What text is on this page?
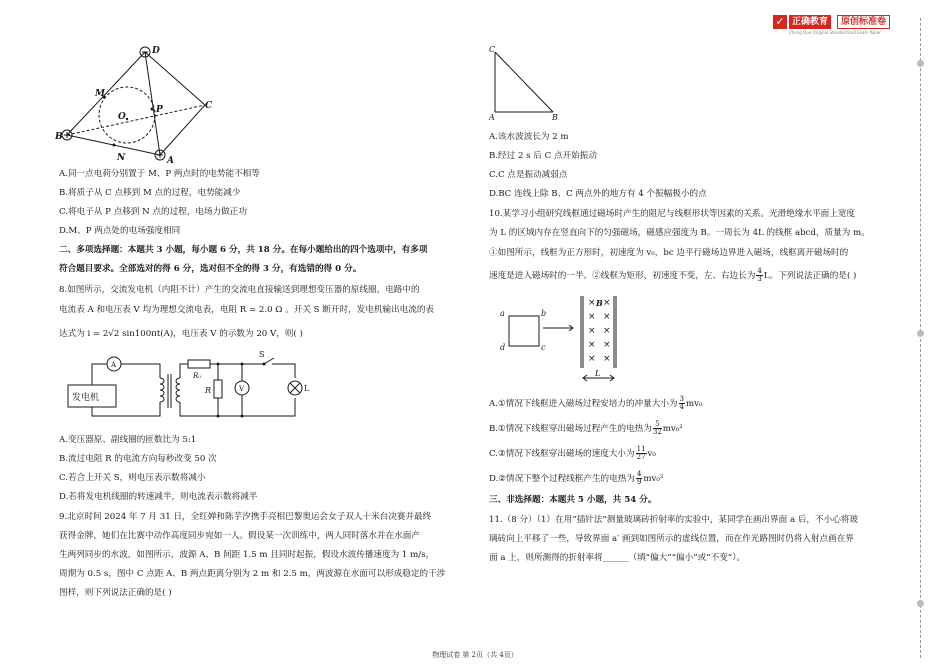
✓ 正确教育	原创标准卷
Zheng Que Original Standardized Exam Paper
D
M
O
P	C
B
N	A
A.同一点电荷分别置于 M、P 两点时的电势能不相等
B.将质子从 C 点移到 M 点的过程，电势能减少
C.将电子从 P 点移到 N 点的过程，电场力做正功
D.M、P 两点处的电场强度相同
二、多项选择题：本题共 3 小题，每小题 6 分，共 18 分。在每小题给出的四个选项中，有多项
符合题目要求。全部选对的得 6 分，选对但不全的得 3 分，有选错的得 0 分。
8.如图所示，交流发电机（内阻不计）产生的交流电直接输送到理想变压器的原线圈，电路中的
电流表 A 和电压表 V 均为理想交流电表，电阻 R = 2.0 Ω 。开关 S 断开时，发电机输出电流的表
达式为 i = 2√2 sin100πt(A)，电压表 V 的示数为 20 V，则( )
发电机
A
R₀
R	V
S
L
A.变压器原、副线圈的匝数比为 5:1
B.流过电阻 R 的电流方向每秒改变 50 次
C.若合上开关 S，则电压表示数将减小
D.若将发电机线圈的转速减半，则电流表示数将减半
9.北京时间 2024 年 7 月 31 日，全红婵和陈芋汐携手亮相巴黎奥运会女子双人十米台决赛并最终
获得金牌，她们在比赛中动作高度同步宛如一人。假设某一次训练中，两人同时落水并在水面产
生两列同步的水波，如图所示，波源 A、B 间距 1.5 m 且同时起振，假设水波传播速度为 1 m/s，
周期为 0.5 s，图中 C 点距 A、B 两点距离分别为 2 m 和 2.5 m，两波源在水面可以形成稳定的干涉
图样，则下列说法正确的是( )
C
A	B
A.该水波波长为 2 m
B.经过 2 s 后 C 点开始振动
C.C 点是振动减弱点
D.BC 连线上除 B、C 两点外的地方有 4 个振幅极小的点
10.某学习小组研究线框通过磁场时产生的阻尼与线框形状等因素的关系。光滑绝缘水平面上宽度
为 L 的区域内存在竖直向下的匀强磁场，磁感应强度为 B。一周长为 4L 的线框 abcd，质量为 m。
①如图所示，线框为正方形时，初速度为 v₀，bc 边平行磁场边界进入磁场，线框离开磁场时的
速度是进入磁场时的一半。②线框为矩形，初速度不变，左、右边长为 $\frac{4}{3}$ L。下列说法正确的是( )
× ×
× ×
× ×
× ×
× ×
a	b
c
d
B
L
A.①情况下线框进入磁场过程安培力的冲量大小为 $\frac{3}{4} mv_0$
B.①情况下线框穿出磁场过程产生的电热为 $\frac{5}{32} mv_0^2$
C.②情况下线框穿出磁场的速度大小为 $\frac{11}{27} v_0$
D.②情况下整个过程线框产生的电热为 $\frac{4}{9} mv_0^2$
三、非选择题：本题共 5 小题，共 54 分。
11.（8 分）（1）在用“插针法”测量玻璃砖折射率的实验中，某同学在画出界面 a 后，不小心将玻
璃砖向上平移了一些，导致界面 a′ 画到如图所示的虚线位置，而在作光路图时仍将入射点画在界
面 a 上，则所测得的折射率将______（填“偏大”“偏小”或“不变”）。
物理试卷 第 2页（共 4页）
